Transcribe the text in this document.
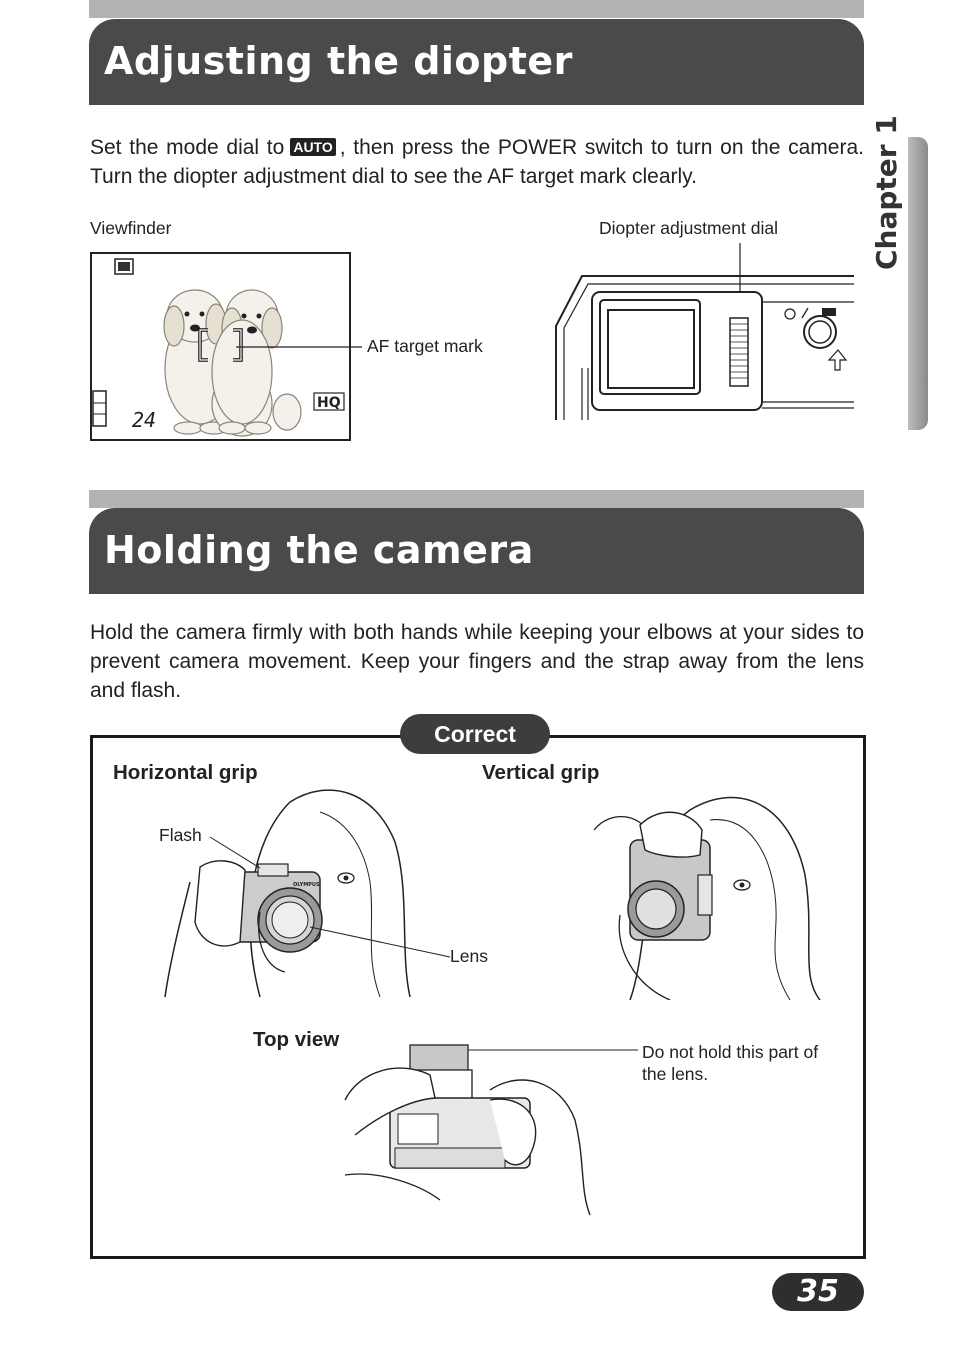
Adjusting the diopter
Set the mode dial to AUTO , then press the POWER switch to turn on the camera. Turn the diopter adjustment dial to see the AF target mark clearly.	Chapter 1
Viewfinder
24
HQ
AF target mark
Diopter adjustment dial
Holding the camera
Hold the camera firmly with both hands while keeping your elbows at your sides to prevent camera movement. Keep your fingers and the strap away from the lens and flash.
Correct
Horizontal grip	Vertical grip
Flash
Lens
Top view
Do not hold this part of the lens.
OLYMPUS
35
